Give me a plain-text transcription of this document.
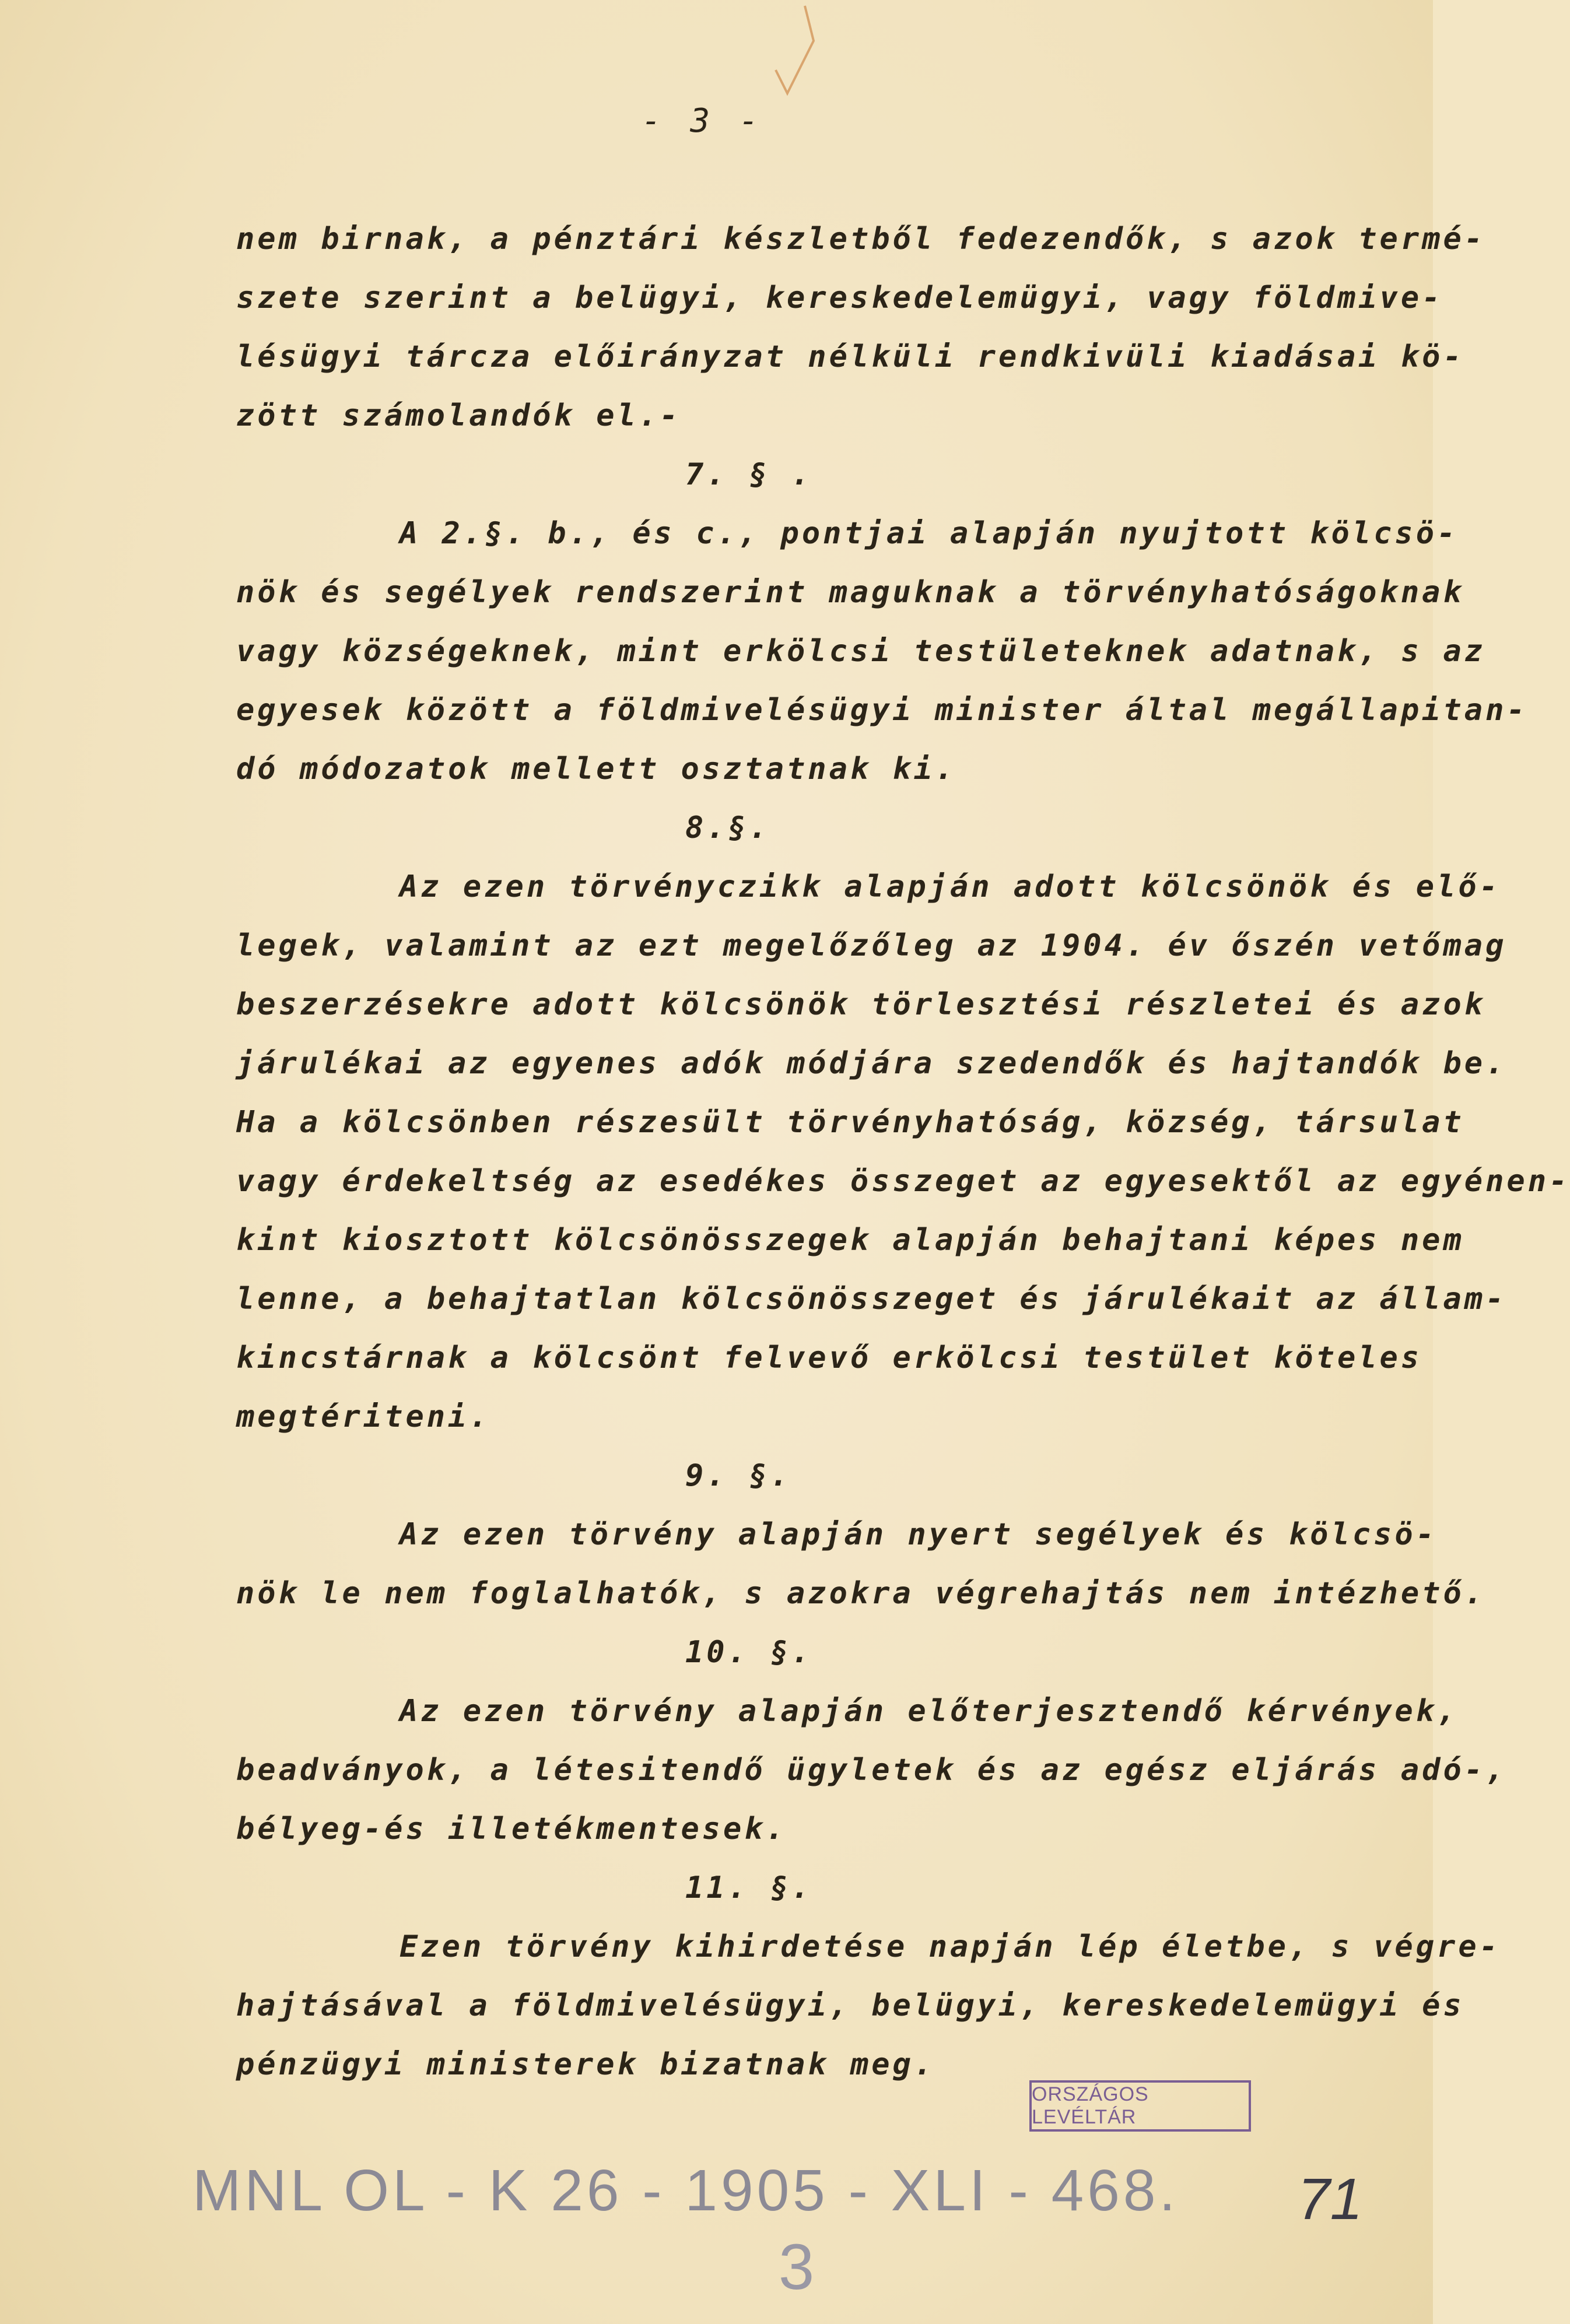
- 3 -
nem birnak, a pénztári készletből fedezendők, s azok termé-
szete szerint a belügyi, kereskedelemügyi, vagy földmive-
lésügyi tárcza előirányzat nélküli rendkivüli kiadásai kö-
zött számolandók el.-
7. § .
A 2.§. b., és c., pontjai alapján nyujtott kölcsö-
nök és segélyek rendszerint maguknak a törvényhatóságoknak
vagy községeknek, mint erkölcsi testületeknek adatnak, s az
egyesek között a földmivelésügyi minister által megállapitan-
dó módozatok mellett osztatnak ki.
8.§.
Az ezen törvényczikk alapján adott kölcsönök és elő-
legek, valamint az ezt megelőzőleg az 1904. év őszén vetőmag
beszerzésekre adott kölcsönök törlesztési részletei és azok
járulékai az egyenes adók módjára szedendők és hajtandók be.
Ha a kölcsönben részesült törvényhatóság, község, társulat
vagy érdekeltség az esedékes összeget az egyesektől az egyénen-
kint kiosztott kölcsönösszegek alapján behajtani képes nem
lenne, a behajtatlan kölcsönösszeget és járulékait az állam-
kincstárnak a kölcsönt felvevő erkölcsi testület köteles
megtériteni.
9. §.
Az ezen törvény alapján nyert segélyek és kölcsö-
nök le nem foglalhatók, s azokra végrehajtás nem intézhető.
10. §.
Az ezen törvény alapján előterjesztendő kérvények,
beadványok, a létesitendő ügyletek és az egész eljárás adó-,
bélyeg-és illetékmentesek.
11. §.
Ezen törvény kihirdetése napján lép életbe, s végre-
hajtásával a földmivelésügyi, belügyi, kereskedelemügyi és
pénzügyi ministerek bizatnak meg.
ORSZÁGOS LEVÉLTÁR
MNL OL - K 26 - 1905 - XLI - 468. 71
3
